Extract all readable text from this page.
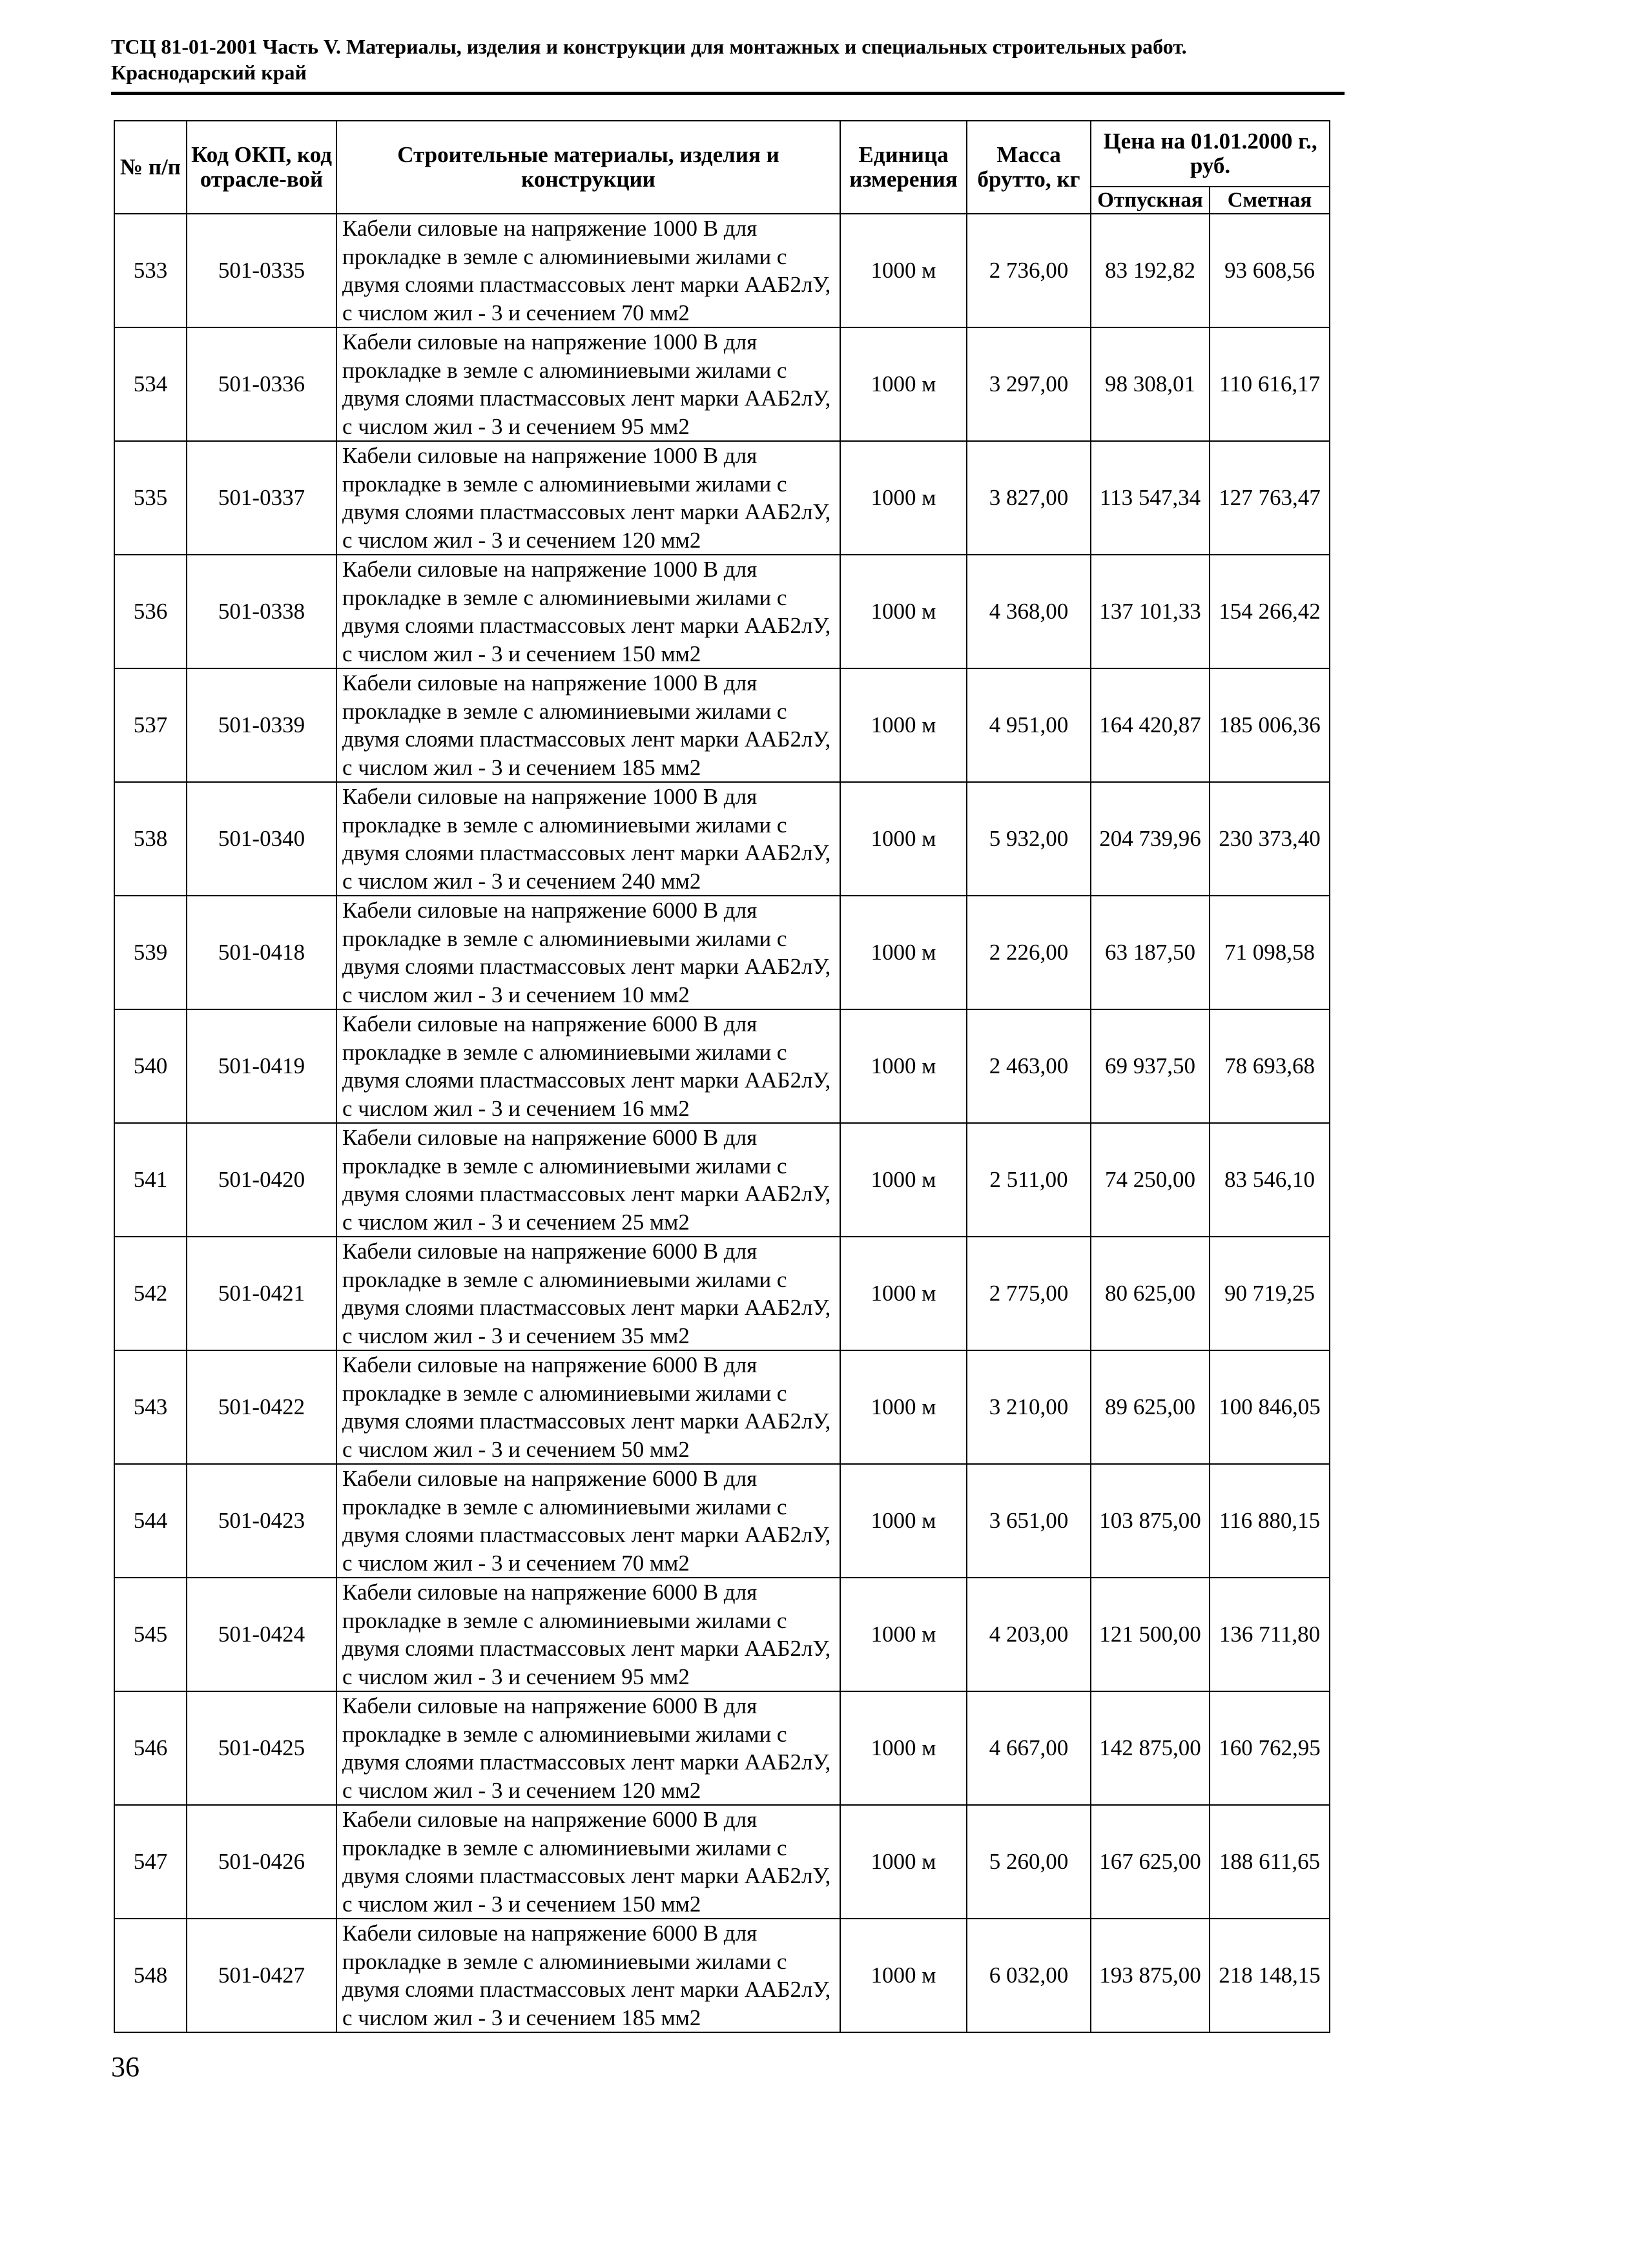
ТСЦ 81-01-2001 Часть V. Материалы, изделия и конструкции для монтажных и специальных строительных работ.
Краснодарский край
№ п/п	Код ОКП, код отрасле-вой	Строительные материалы, изделия и конструкции	Единица измерения	Масса брутто, кг	Цена на 01.01.2000 г., руб.	
					Отпускная	Сметная
533	501-0335	Кабели силовые на напряжение 1000 В для прокладке в земле с алюминиевыми жилами с двумя слоями пластмассовых лент марки ААБ2лУ, с числом жил - 3 и сечением 70 мм2	1000 м	2 736,00	83 192,82	93 608,56
534	501-0336	Кабели силовые на напряжение 1000 В для прокладке в земле с алюминиевыми жилами с двумя слоями пластмассовых лент марки ААБ2лУ, с числом жил - 3 и сечением 95 мм2	1000 м	3 297,00	98 308,01	110 616,17
535	501-0337	Кабели силовые на напряжение 1000 В для прокладке в земле с алюминиевыми жилами с двумя слоями пластмассовых лент марки ААБ2лУ, с числом жил - 3 и сечением 120 мм2	1000 м	3 827,00	113 547,34	127 763,47
536	501-0338	Кабели силовые на напряжение 1000 В для прокладке в земле с алюминиевыми жилами с двумя слоями пластмассовых лент марки ААБ2лУ, с числом жил - 3 и сечением 150 мм2	1000 м	4 368,00	137 101,33	154 266,42
537	501-0339	Кабели силовые на напряжение 1000 В для прокладке в земле с алюминиевыми жилами с двумя слоями пластмассовых лент марки ААБ2лУ, с числом жил - 3 и сечением 185 мм2	1000 м	4 951,00	164 420,87	185 006,36
538	501-0340	Кабели силовые на напряжение 1000 В для прокладке в земле с алюминиевыми жилами с двумя слоями пластмассовых лент марки ААБ2лУ, с числом жил - 3 и сечением 240 мм2	1000 м	5 932,00	204 739,96	230 373,40
539	501-0418	Кабели силовые на напряжение 6000 В для прокладке в земле с алюминиевыми жилами с двумя слоями пластмассовых лент марки ААБ2лУ, с числом жил - 3 и сечением 10 мм2	1000 м	2 226,00	63 187,50	71 098,58
540	501-0419	Кабели силовые на напряжение 6000 В для прокладке в земле с алюминиевыми жилами с двумя слоями пластмассовых лент марки ААБ2лУ, с числом жил - 3 и сечением 16 мм2	1000 м	2 463,00	69 937,50	78 693,68
541	501-0420	Кабели силовые на напряжение 6000 В для прокладке в земле с алюминиевыми жилами с двумя слоями пластмассовых лент марки ААБ2лУ, с числом жил - 3 и сечением 25 мм2	1000 м	2 511,00	74 250,00	83 546,10
542	501-0421	Кабели силовые на напряжение 6000 В для прокладке в земле с алюминиевыми жилами с двумя слоями пластмассовых лент марки ААБ2лУ, с числом жил - 3 и сечением 35 мм2	1000 м	2 775,00	80 625,00	90 719,25
543	501-0422	Кабели силовые на напряжение 6000 В для прокладке в земле с алюминиевыми жилами с двумя слоями пластмассовых лент марки ААБ2лУ, с числом жил - 3 и сечением 50 мм2	1000 м	3 210,00	89 625,00	100 846,05
544	501-0423	Кабели силовые на напряжение 6000 В для прокладке в земле с алюминиевыми жилами с двумя слоями пластмассовых лент марки ААБ2лУ, с числом жил - 3 и сечением 70 мм2	1000 м	3 651,00	103 875,00	116 880,15
545	501-0424	Кабели силовые на напряжение 6000 В для прокладке в земле с алюминиевыми жилами с двумя слоями пластмассовых лент марки ААБ2лУ, с числом жил - 3 и сечением 95 мм2	1000 м	4 203,00	121 500,00	136 711,80
546	501-0425	Кабели силовые на напряжение 6000 В для прокладке в земле с алюминиевыми жилами с двумя слоями пластмассовых лент марки ААБ2лУ, с числом жил - 3 и сечением 120 мм2	1000 м	4 667,00	142 875,00	160 762,95
547	501-0426	Кабели силовые на напряжение 6000 В для прокладке в земле с алюминиевыми жилами с двумя слоями пластмассовых лент марки ААБ2лУ, с числом жил - 3 и сечением 150 мм2	1000 м	5 260,00	167 625,00	188 611,65
548	501-0427	Кабели силовые на напряжение 6000 В для прокладке в земле с алюминиевыми жилами с двумя слоями пластмассовых лент марки ААБ2лУ, с числом жил - 3 и сечением 185 мм2	1000 м	6 032,00	193 875,00	218 148,15
36
